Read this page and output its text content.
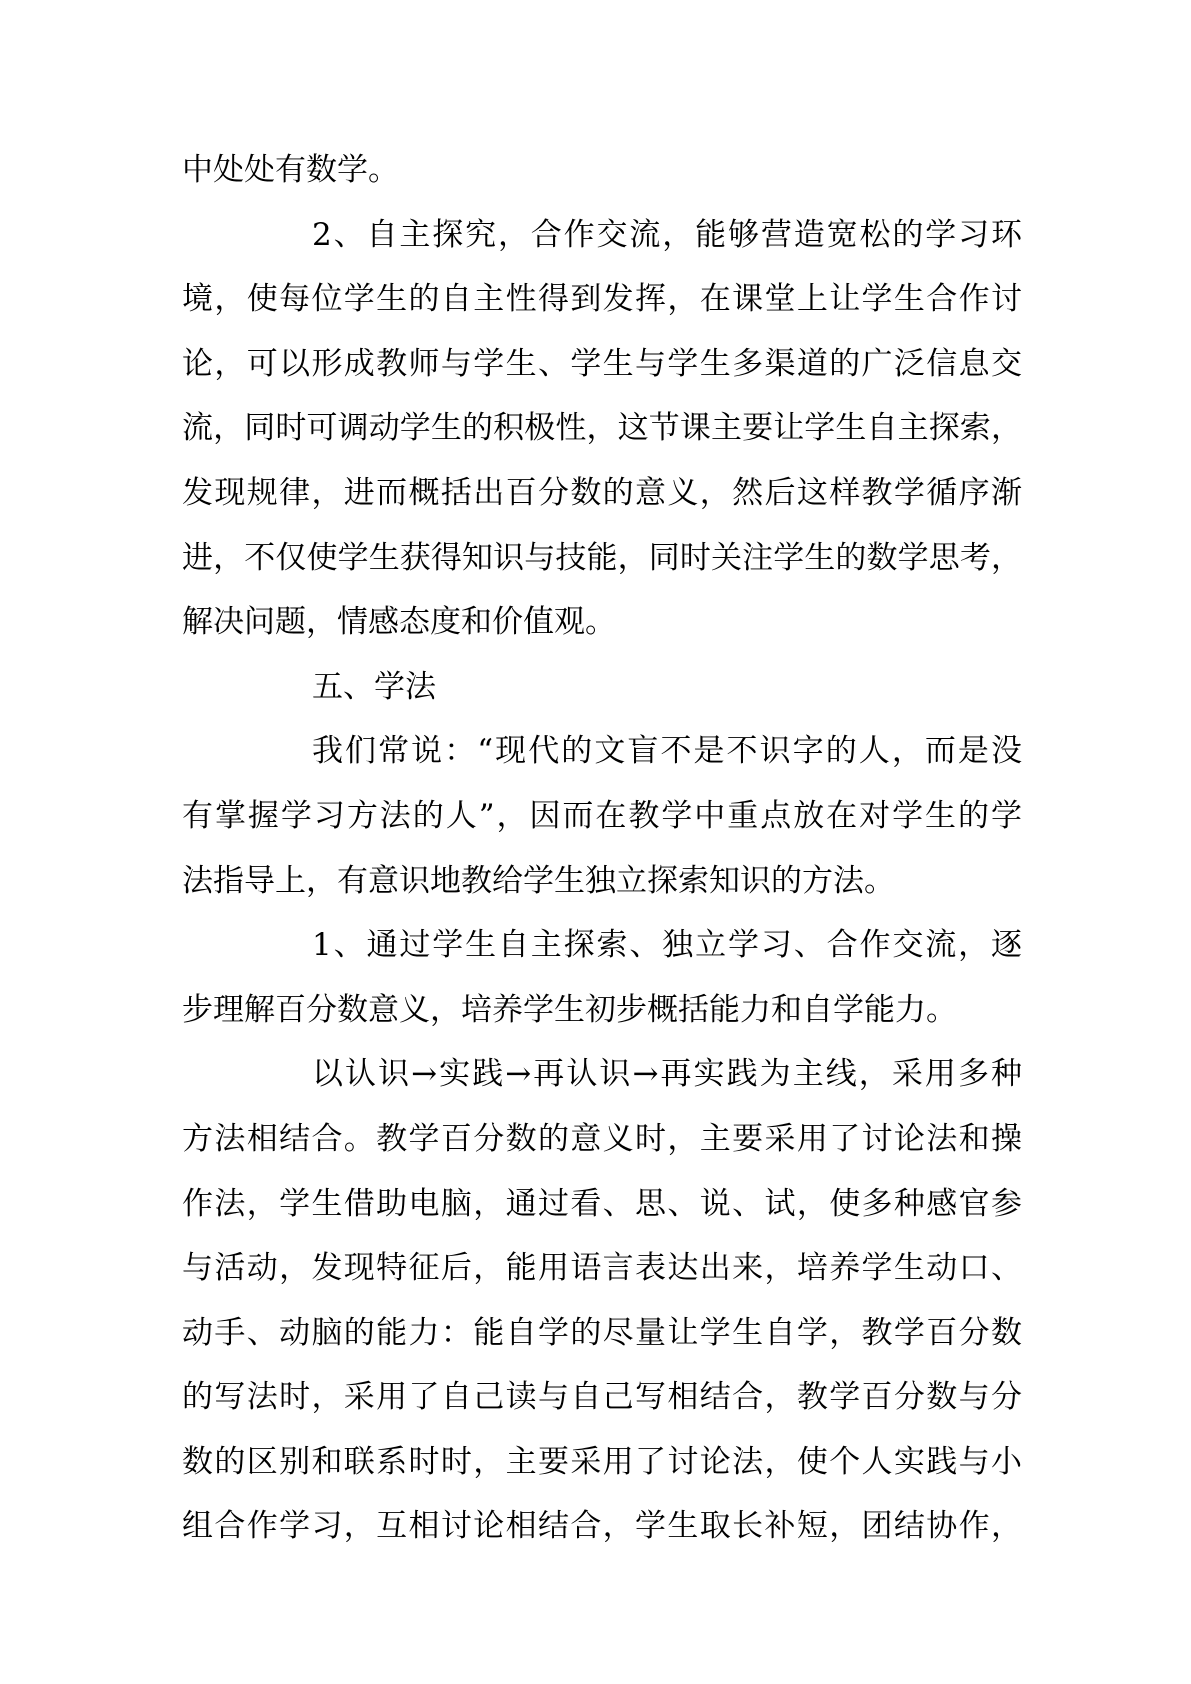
中处处有数学。
2、自主探究，合作交流，能够营造宽松的学习环
境，使每位学生的自主性得到发挥，在课堂上让学生合作讨
论，可以形成教师与学生、学生与学生多渠道的广泛信息交
流，同时可调动学生的积极性，这节课主要让学生自主探索，
发现规律，进而概括出百分数的意义，然后这样教学循序渐
进，不仅使学生获得知识与技能，同时关注学生的数学思考，
解决问题，情感态度和价值观。
五、学法
我们常说：“现代的文盲不是不识字的人，而是没
有掌握学习方法的人”，因而在教学中重点放在对学生的学
法指导上，有意识地教给学生独立探索知识的方法。
1、通过学生自主探索、独立学习、合作交流，逐
步理解百分数意义，培养学生初步概括能力和自学能力。
以认识→实践→再认识→再实践为主线，采用多种
方法相结合。教学百分数的意义时，主要采用了讨论法和操
作法，学生借助电脑，通过看、思、说、试，使多种感官参
与活动，发现特征后，能用语言表达出来，培养学生动口、
动手、动脑的能力：能自学的尽量让学生自学，教学百分数
的写法时，采用了自己读与自己写相结合，教学百分数与分
数的区别和联系时时，主要采用了讨论法，使个人实践与小
组合作学习，互相讨论相结合，学生取长补短，团结协作，
